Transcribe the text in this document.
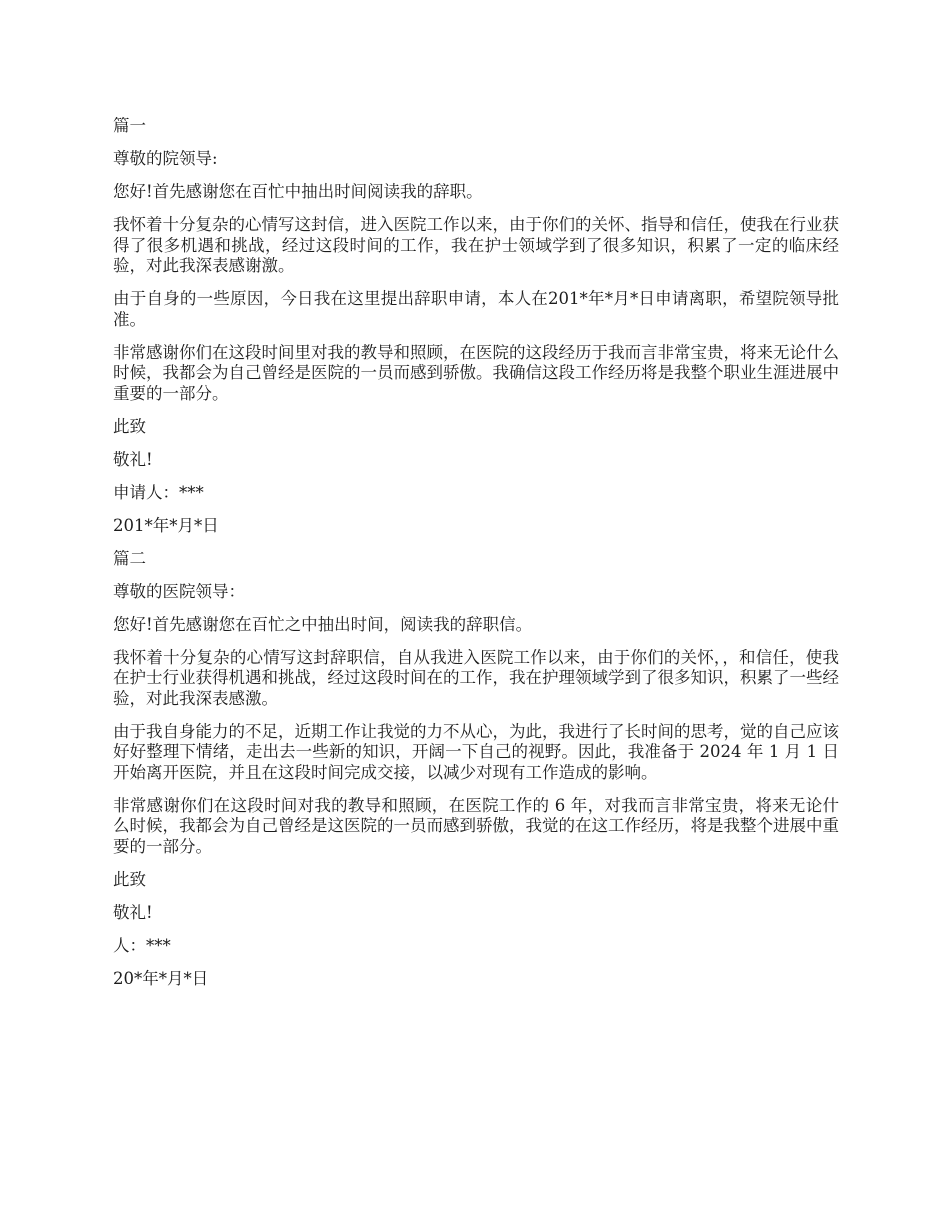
篇一

尊敬的院领导:

您好!首先感谢您在百忙中抽出时间阅读我的辞职。

我怀着十分复杂的心情写这封信，进入医院工作以来，由于你们的关怀、指导和信任，使我在行业获得了很多机遇和挑战，经过这段时间的工作，我在护士领域学到了很多知识，积累了一定的临床经验，对此我深表感谢激。

由于自身的一些原因，今日我在这里提出辞职申请，本人在201*年*月*日申请离职，希望院领导批准。

非常感谢你们在这段时间里对我的教导和照顾，在医院的这段经历于我而言非常宝贵，将来无论什么时候，我都会为自己曾经是医院的一员而感到骄傲。我确信这段工作经历将是我整个职业生涯进展中重要的一部分。

此致

敬礼!

申请人：***

201*年*月*日

篇二

尊敬的医院领导：

您好!首先感谢您在百忙之中抽出时间，阅读我的辞职信。

我怀着十分复杂的心情写这封辞职信，自从我进入医院工作以来，由于你们的关怀，，和信任，使我在护士行业获得机遇和挑战，经过这段时间在的工作，我在护理领域学到了很多知识，积累了一些经验，对此我深表感激。

由于我自身能力的不足，近期工作让我觉的力不从心，为此，我进行了长时间的思考，觉的自己应该好好整理下情绪，走出去一些新的知识，开阔一下自己的视野。因此，我准备于 2024 年 1 月 1 日开始离开医院，并且在这段时间完成交接，以减少对现有工作造成的影响。

非常感谢你们在这段时间对我的教导和照顾，在医院工作的 6 年，对我而言非常宝贵，将来无论什么时候，我都会为自己曾经是这医院的一员而感到骄傲，我觉的在这工作经历，将是我整个进展中重要的一部分。

此致

敬礼!

人：***

20*年*月*日
